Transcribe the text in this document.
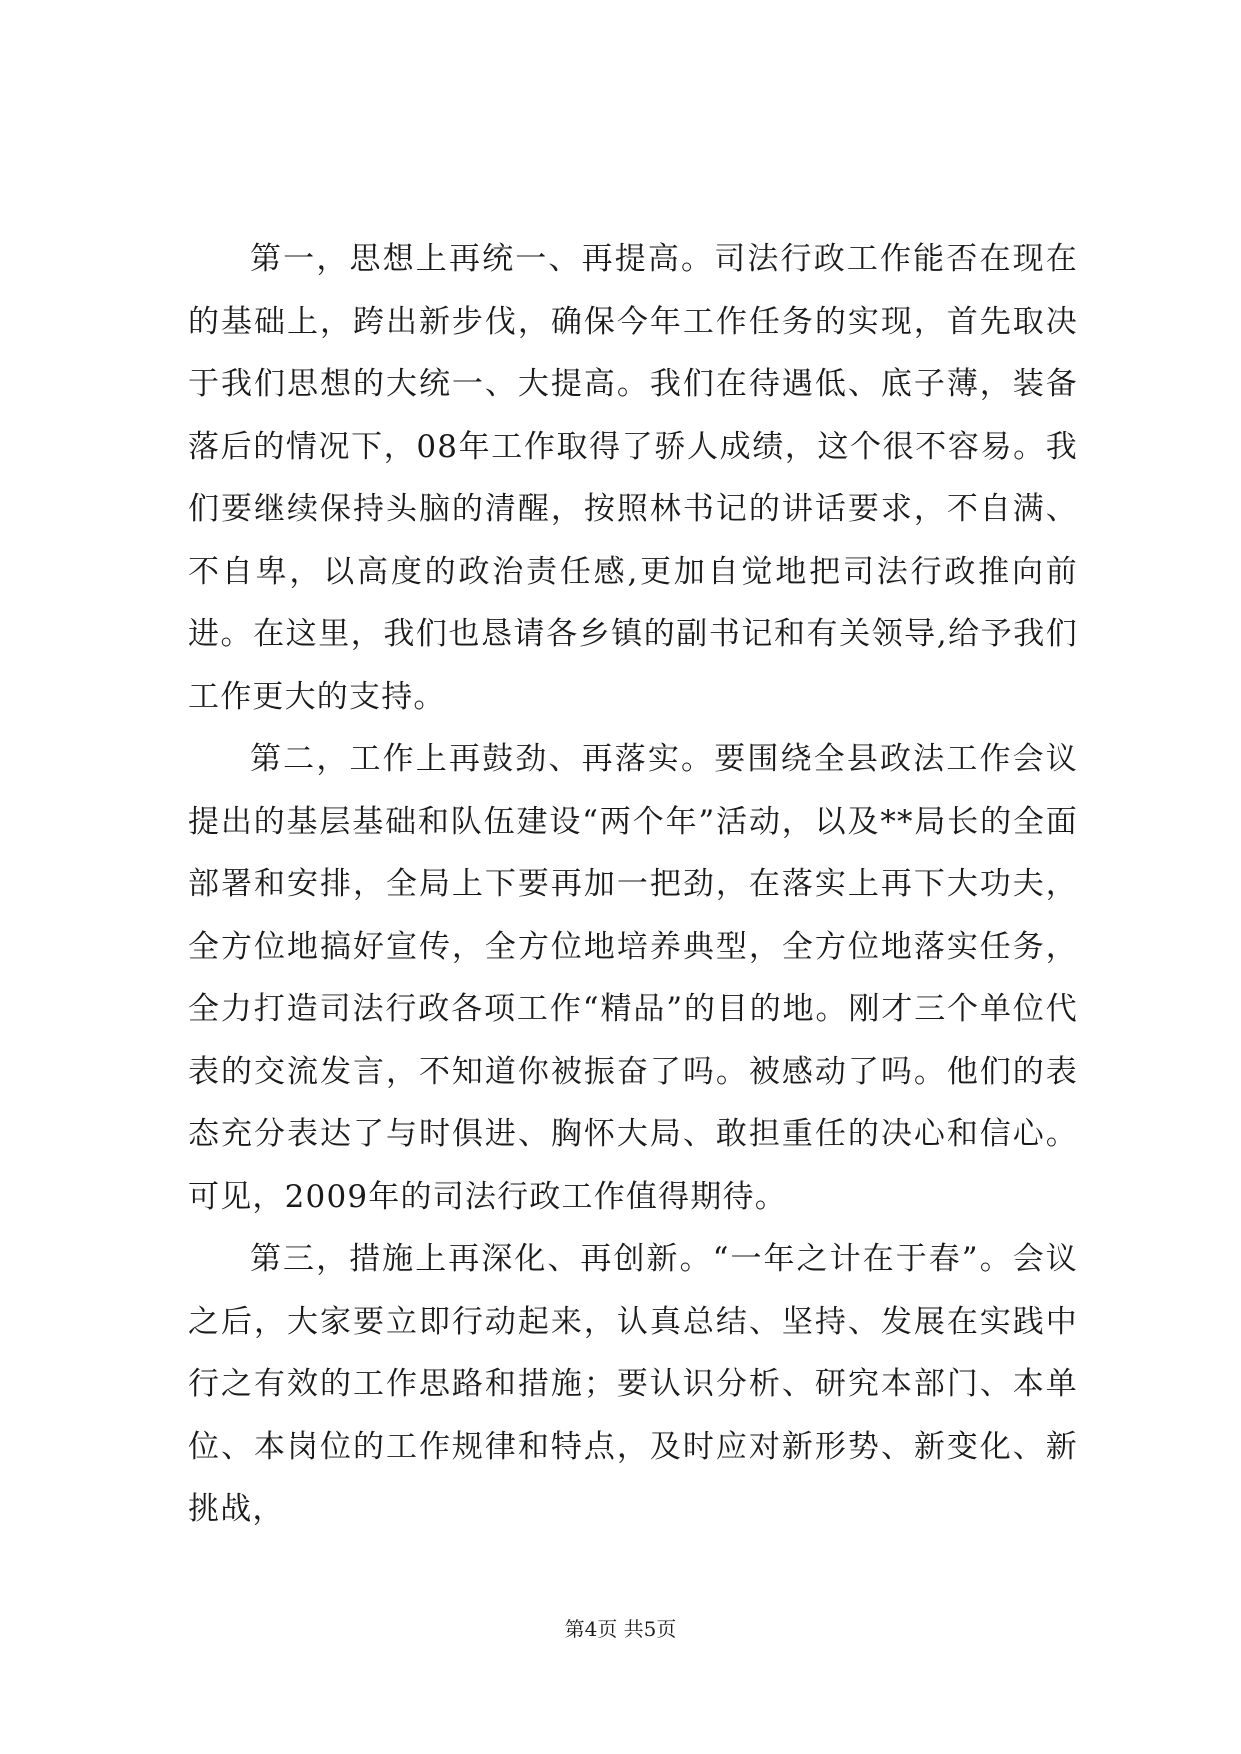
第一，思想上再统一、再提高。司法行政工作能否在现在的基础上，跨出新步伐，确保今年工作任务的实现，首先取决于我们思想的大统一、大提高。我们在待遇低、底子薄，装备落后的情况下，08年工作取得了骄人成绩，这个很不容易。我们要继续保持头脑的清醒，按照林书记的讲话要求，不自满、不自卑，以高度的政治责任感,更加自觉地把司法行政推向前进。在这里，我们也恳请各乡镇的副书记和有关领导,给予我们工作更大的支持。

第二，工作上再鼓劲、再落实。要围绕全县政法工作会议提出的基层基础和队伍建设“两个年”活动，以及**局长的全面部署和安排，全局上下要再加一把劲，在落实上再下大功夫，全方位地搞好宣传，全方位地培养典型，全方位地落实任务，全力打造司法行政各项工作“精品”的目的地。刚才三个单位代表的交流发言，不知道你被振奋了吗。被感动了吗。他们的表态充分表达了与时俱进、胸怀大局、敢担重任的决心和信心。可见，2009年的司法行政工作值得期待。

第三，措施上再深化、再创新。“一年之计在于春”。会议之后，大家要立即行动起来，认真总结、坚持、发展在实践中行之有效的工作思路和措施；要认识分析、研究本部门、本单位、本岗位的工作规律和特点，及时应对新形势、新变化、新挑战，

第4页 共5页
